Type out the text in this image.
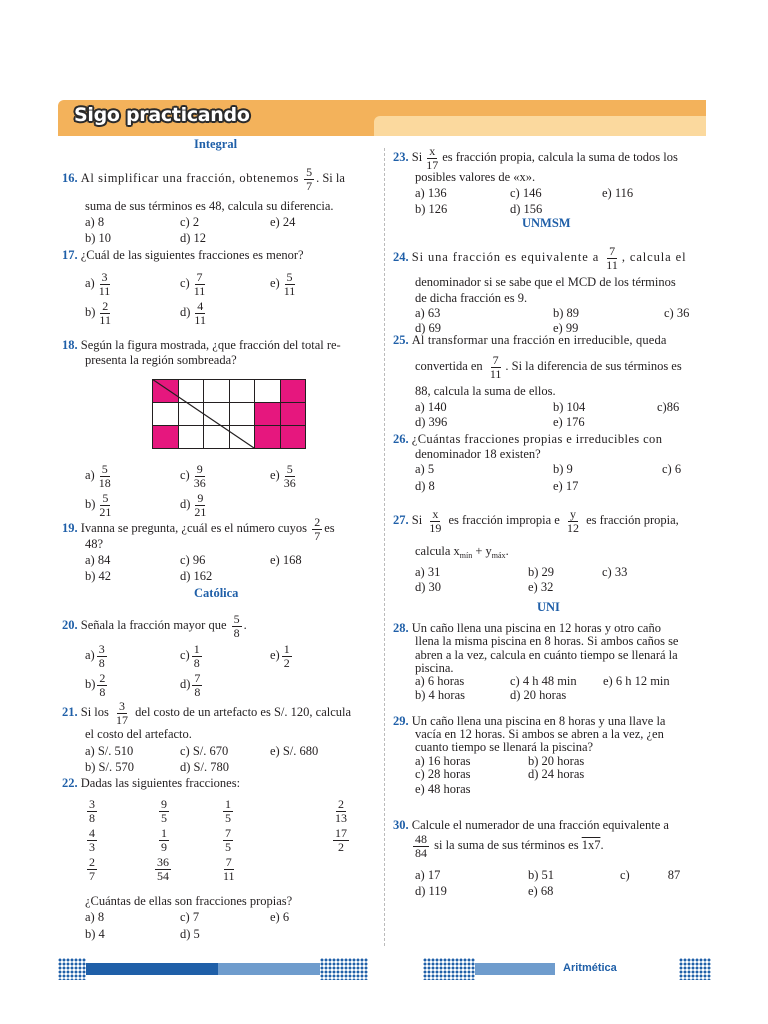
Sigo practicando
Integral
16. Al simplificar una fracción, obtenemos $\frac{5}{7}$ . Si la
suma de sus términos es 48, calcula su diferencia.
a) 8	c) 2	e) 24
b) 10	d) 12
17. ¿Cuál de las siguientes fracciones es menor?
$a) \frac{3}{11}$	$c) \frac{7}{11}$	$e) \frac{5}{11}$
$b) \frac{2}{11}$	$d) \frac{4}{11}$
18. Según la figura mostrada, ¿que fracción del total re-
presenta la región sombreada?

$a) \frac{5}{18}$	$c) \frac{9}{36}$	$e) \frac{5}{36}$
$b) \frac{5}{21}$	$d) \frac{9}{21}$
19. Ivanna se pregunta, ¿cuál es el número cuyos $\frac{2}{7}$ es
48?
a) 84	c) 96	e) 168
b) 42	d) 162
Católica
20. Señala la fracción mayor que $\frac{5}{8}$ .
$a) \frac{3}{8}$	$c) \frac{1}{8}$	$e) \frac{1}{2}$
$b) \frac{2}{8}$	$d) \frac{7}{8}$
21. Si los $\frac{3}{17}$ del costo de un artefacto es S/. 120, calcula
el costo del artefacto.
a) S/. 510	c) S/. 670	e) S/. 680
b) S/. 570	d) S/. 780
22. Dadas las siguientes fracciones:
$\frac{3}{8}$	$\frac{9}{5}$	$\frac{1}{5}$	$\frac{2}{13}$
$\frac{4}{3}$	$\frac{1}{9}$	$\frac{7}{5}$	$\frac{17}{2}$
$\frac{2}{7}$	$\frac{36}{54}$	$\frac{7}{11}$
¿Cuántas de ellas son fracciones propias?
a) 8	c) 7	e) 6
b) 4	d) 5
23. Si $\frac{x}{17}$ es fracción propia, calcula la suma de todos los
posibles valores de «x».
a) 136	c) 146	e) 116
b) 126	d) 156
UNMSM
24. Si una fracción es equivalente a $\frac{7}{11}$ , calcula el
denominador si se sabe que el MCD de los términos
de dicha fracción es 9.
a) 63	b) 89	c) 36
d) 69	e) 99
25. Al transformar una fracción en irreducible, queda
convertida en $\frac{7}{11}$ . Si la diferencia de sus términos es
88, calcula la suma de ellos.
a) 140	b) 104	c)86
d) 396	e) 176
26. ¿Cuántas fracciones propias e irreducibles con
denominador 18 existen?
a) 5	b) 9	c) 6
d) 8	e) 17
27. Si $\frac{x}{19}$ es fracción impropia e $\frac{y}{12}$ es fracción propia,
calcula $x_{mín} + y_{máx}$.
a) 31	b) 29	c) 33
d) 30	e) 32
UNI
28. Un caño llena una piscina en 12 horas y otro caño
llena la misma piscina en 8 horas. Si ambos caños se
abren a la vez, calcula en cuánto tiempo se llenará la
piscina.
a) 6 horas	c) 4 h 48 min e) 6 h 12 min
b) 4 horas	d) 20 horas
29. Un caño llena una piscina en 8 horas y una llave la
vacía en 12 horas. Si ambos se abren a la vez, ¿en
cuanto tiempo se llenará la piscina?
a) 16 horas	b) 20 horas
c) 28 horas	d) 24 horas
e) 48 horas
30. Calcule el numerador de una fracción equivalente a
$\frac{48}{84}$ si la suma de sus términos es 1x7.
a) 17	b) 51	c)	87
d) 119	e) 68
Aritmética
